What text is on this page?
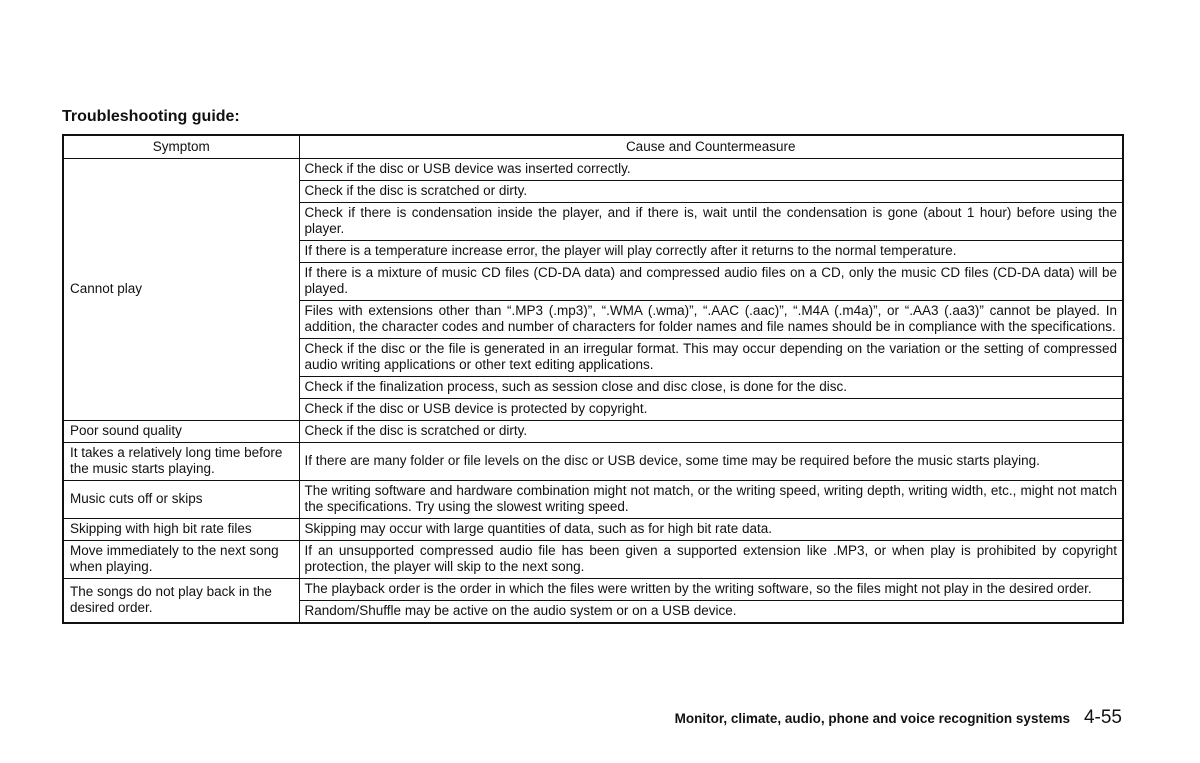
Troubleshooting guide:
Symptom	Cause and Countermeasure
Cannot play	Check if the disc or USB device was inserted correctly.
	Check if the disc is scratched or dirty.
	Check if there is condensation inside the player, and if there is, wait until the condensation is gone (about 1 hour) before using the player.
	If there is a temperature increase error, the player will play correctly after it returns to the normal temperature.
	If there is a mixture of music CD files (CD-DA data) and compressed audio files on a CD, only the music CD files (CD-DA data) will be played.
	Files with extensions other than “.MP3 (.mp3)”, “.WMA (.wma)”, “.AAC (.aac)”, “.M4A (.m4a)”, or “.AA3 (.aa3)” cannot be played. In addition, the character codes and number of characters for folder names and file names should be in compliance with the specifications.
	Check if the disc or the file is generated in an irregular format. This may occur depending on the variation or the setting of compressed audio writing applications or other text editing applications.
	Check if the finalization process, such as session close and disc close, is done for the disc.
	Check if the disc or USB device is protected by copyright.
Poor sound quality	Check if the disc is scratched or dirty.
It takes a relatively long time before the music starts playing.	If there are many folder or file levels on the disc or USB device, some time may be required before the music starts playing.
Music cuts off or skips	The writing software and hardware combination might not match, or the writing speed, writing depth, writing width, etc., might not match the specifications. Try using the slowest writing speed.
Skipping with high bit rate files	Skipping may occur with large quantities of data, such as for high bit rate data.
Move immediately to the next song when playing.	If an unsupported compressed audio file has been given a supported extension like .MP3, or when play is prohibited by copyright protection, the player will skip to the next song.
The songs do not play back in the desired order.	The playback order is the order in which the files were written by the writing software, so the files might not play in the desired order.
	Random/Shuffle may be active on the audio system or on a USB device.
Monitor, climate, audio, phone and voice recognition systems 4-55
